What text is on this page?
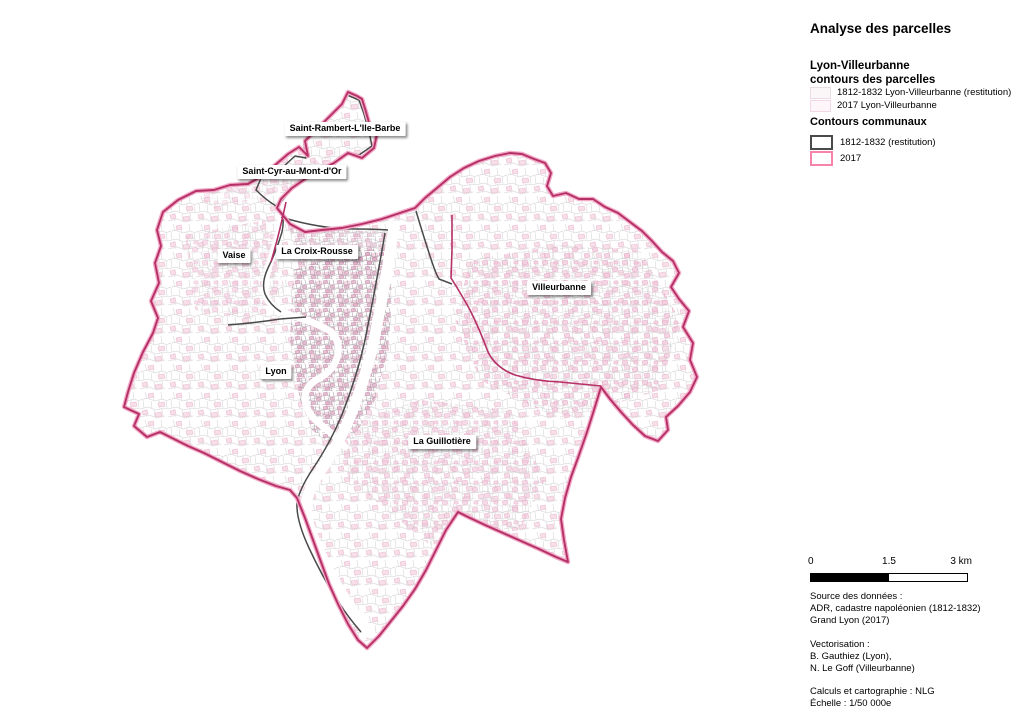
Saint-Rambert-L'Ile-Barbe
Saint-Cyr-au-Mont-d'Or
Vaise	La Croix-Rousse
Lyon
Villeurbanne
La Guillotière
Analyse des parcelles
Lyon-Villeurbanne
contours des parcelles
1812-1832 Lyon-Villeurbanne (restitution)
2017 Lyon-Villeurbanne
Contours communaux
1812-1832 (restitution)
2017
0	1.5	3 km
Source des données :
ADR, cadastre napoléonien (1812-1832)
Grand Lyon (2017)
Vectorisation :
B. Gauthiez (Lyon),
N. Le Goff (Villeurbanne)
Calculs et cartographie : NLG
Échelle : 1/50 000e
